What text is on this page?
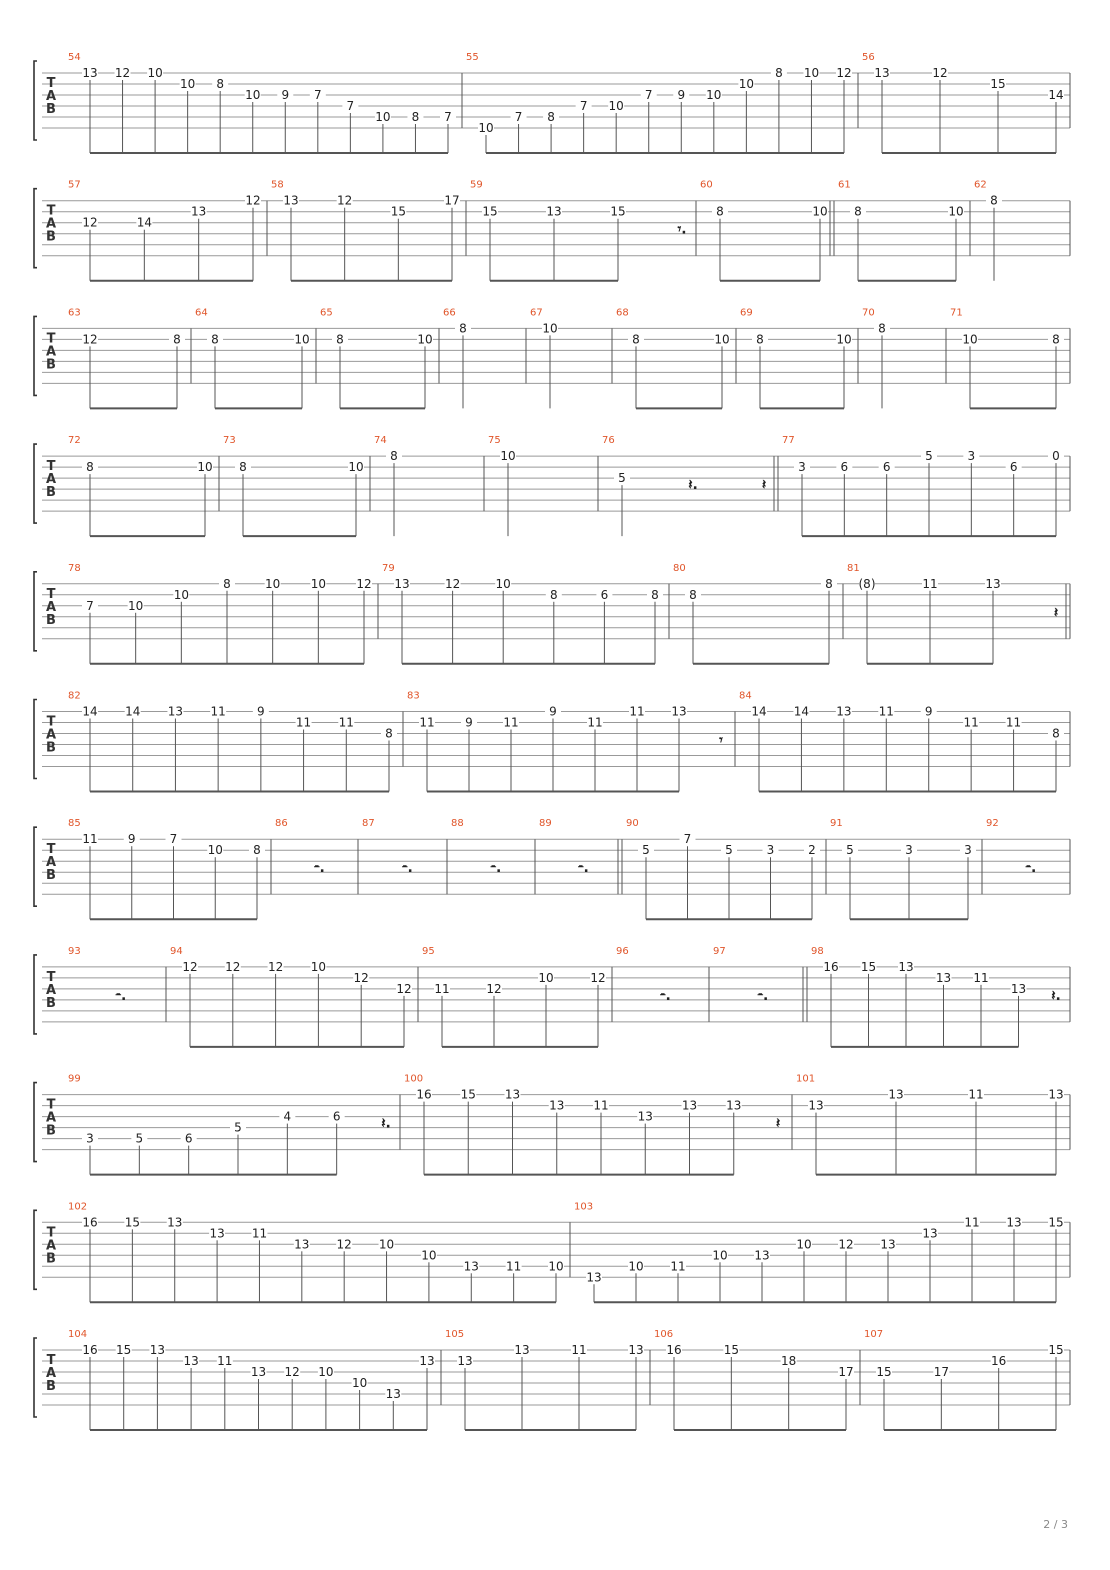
T
A
B
54
13 12 10
10 8
10 9 7
7
10 8 7
55
10
7 8
7 10
7 9 10
10
8 10 12
56
13	12
15
14
T
A
B
57
12	14
13
12
58
13	12
15
17
59
15	13	15
𝄾.
60
8	10
61
8	10
62
8
T
A
B
63
12	8
64
8	10
65
8	10
66
8
67
10
68
8	10
69
8	10
70
8
71
10	8
T
A
B
72
8	10
73
8	10
74
8
75
10
76
5	𝄽.	𝄽
77
3	6	6
5	3
6
0
T
A
B
78
7	10
10
8	10	10	12
79
13	12	10
8	6	8
80
8
8
81
(8)	11	13
𝄽
T
A
B
82
14 14 13 11	9
11 11
8
83
11	9	11
9
11
11 13
𝄾
84
14 14 13 11	9
11 11
8
T
A
B
85
11	9	7
10	8
86
𝄼.
87
𝄼.
88
𝄼.
89
𝄼.
90
5
7
5	3	2
91
5	3	3
92
𝄼.
T
A
B
93
𝄼.
94
12 12 12 10
12
12
95
11	12
10	12
96
𝄼.
97
𝄼.
98
16 15 13
13 11
13 𝄽.
T
A
B
99
3	5	6
5
4	6	𝄽.
100
16 15 13
13 11
13
13 13
𝄽
101
13
13	11	13
T
A
B
102
16 15 13
13 11
13 12 10
10
13 11 10
103
13
10 11
10 13
10 12 13
13
11 13 15
T
A
B
104
16 15 13
13 11
13 12 10
10
13
13
105
13
13	11	13
106
16	15
18
17
107
15	17
16
15
2 / 3
